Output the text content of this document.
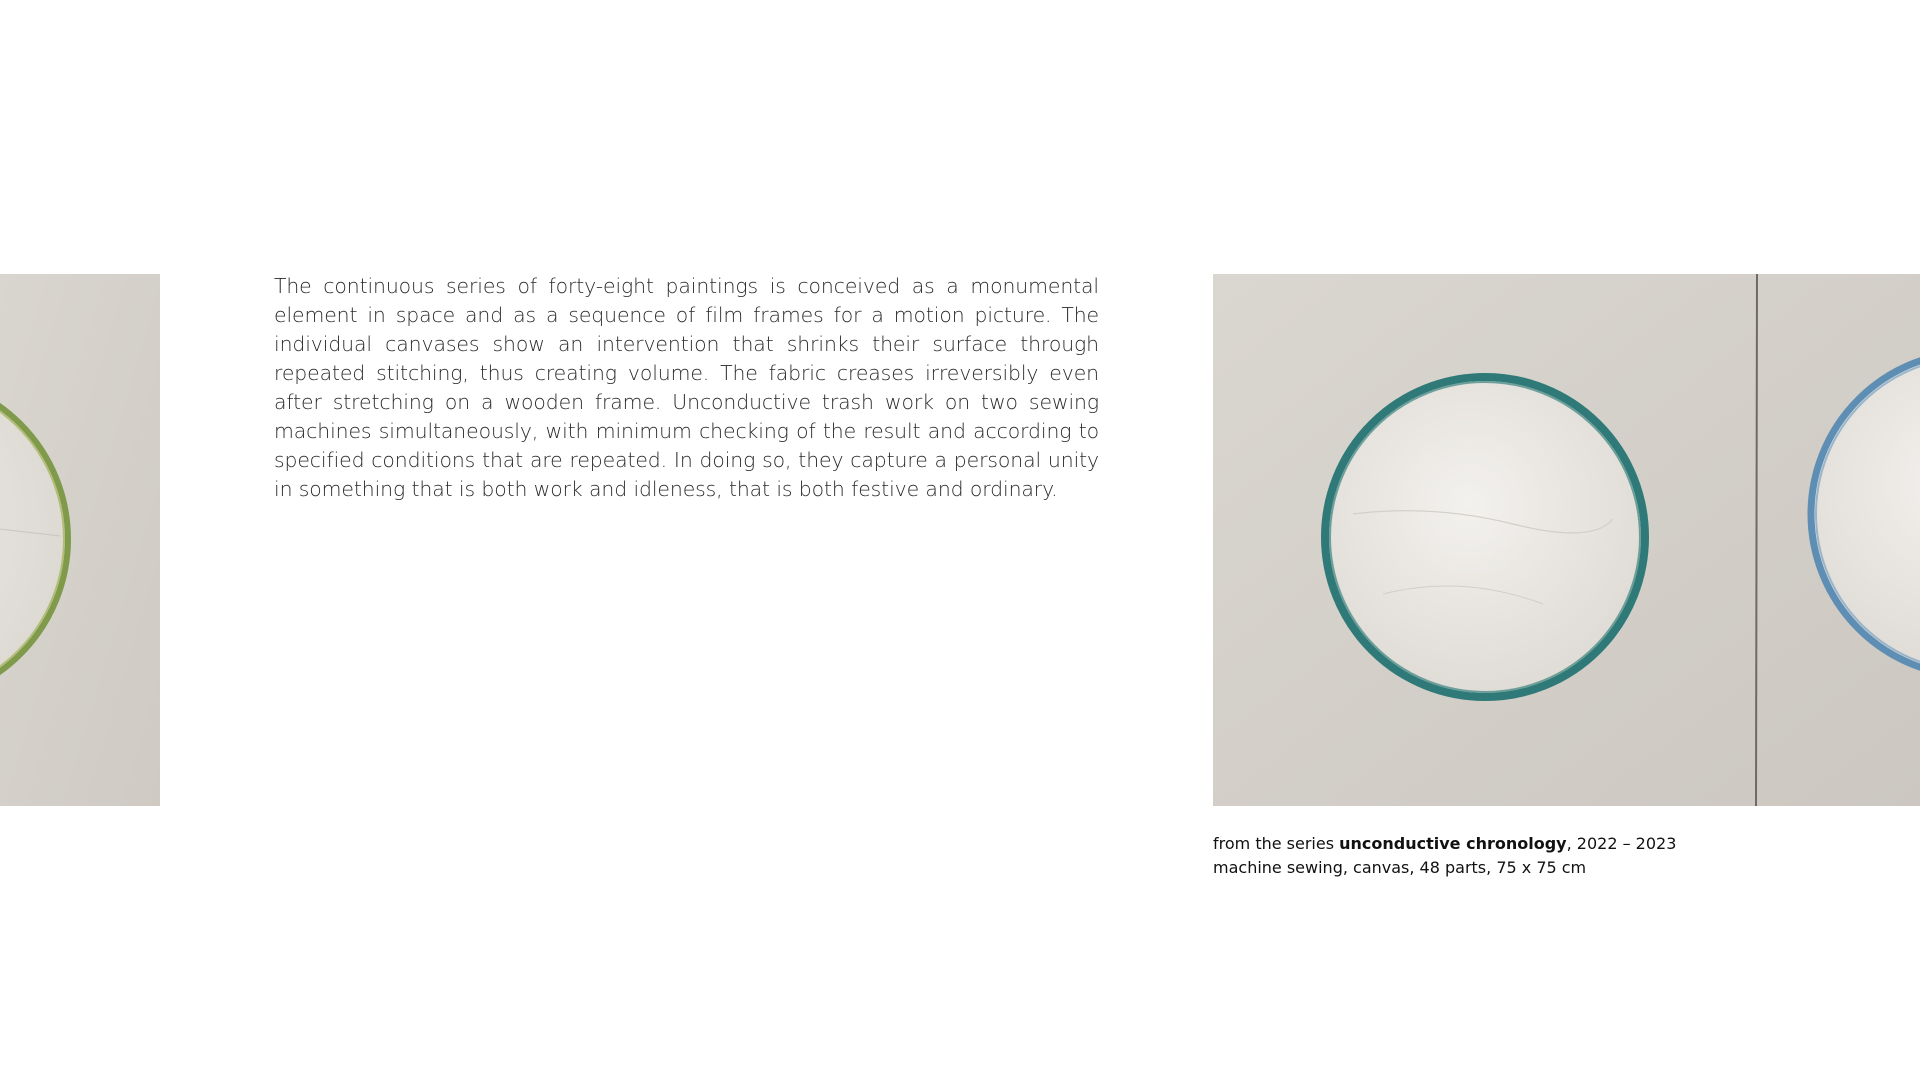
The continuous series of forty-eight paintings is conceived as a monumental element in space and as a sequence of film frames for a motion picture. The individual canvases show an intervention that shrinks their surface through repeated stitching, thus creating volume. The fabric creases irreversibly even after stretching on a wooden frame. Unconductive trash work on two sewing machines simultaneously, with minimum checking of the result and according to specified conditions that are repeated. In doing so, they capture a personal unity in something that is both work and idleness, that is both festive and ordinary.

from the series unconductive chronology, 2022 – 2023
machine sewing, canvas, 48 parts, 75 x 75 cm
